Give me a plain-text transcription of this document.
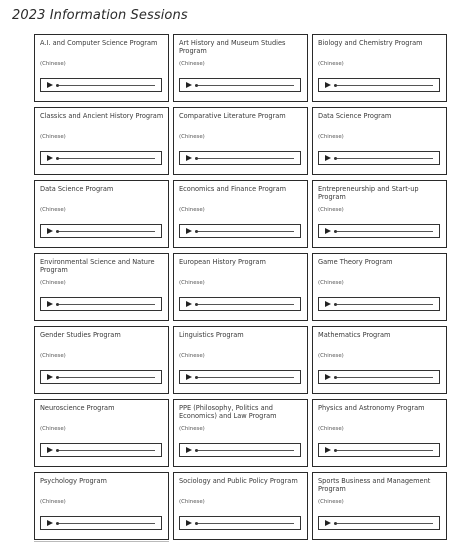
2023 Information Sessions
A.I. and Computer Science Program
(Chinese)
Art History and Museum Studies Program
(Chinese)
Biology and Chemistry Program
(Chinese)
Classics and Ancient History Program
(Chinese)
Comparative Literature Program
(Chinese)
Data Science Program
(Chinese)
Data Science Program
(Chinese)
Economics and Finance Program
(Chinese)
Entrepreneurship and Start-up Program
(Chinese)
Environmental Science and Nature Program
(Chinese)
European History Program
(Chinese)
Game Theory Program
(Chinese)
Gender Studies Program
(Chinese)
Linguistics Program
(Chinese)
Mathematics Program
(Chinese)
Neuroscience Program
(Chinese)
PPE (Philosophy, Politics and Economics) and Law Program
(Chinese)
Physics and Astronomy Program
(Chinese)
Psychology Program
(Chinese)
Sociology and Public Policy Program
(Chinese)
Sports Business and Management Program
(Chinese)
